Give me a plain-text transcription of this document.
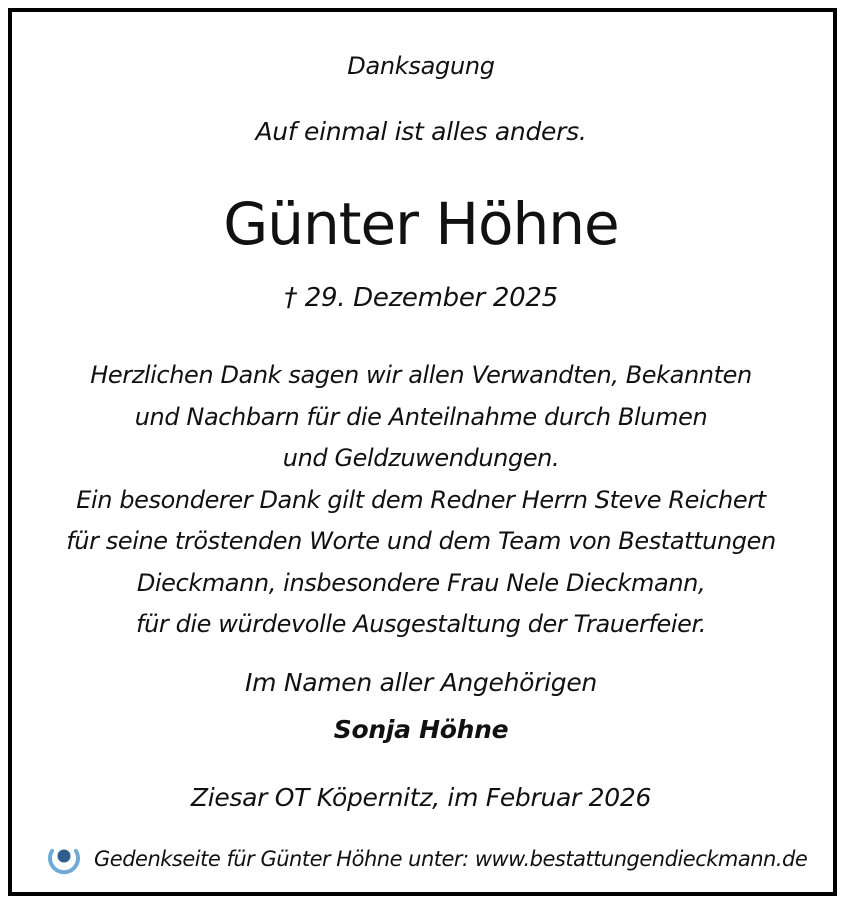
Danksagung
Auf einmal ist alles anders.
Günter Höhne
† 29. Dezember 2025
Herzlichen Dank sagen wir allen Verwandten, Bekannten
und Nachbarn für die Anteilnahme durch Blumen
und Geldzuwendungen.
Ein besonderer Dank gilt dem Redner Herrn Steve Reichert
für seine tröstenden Worte und dem Team von Bestattungen
Dieckmann, insbesondere Frau Nele Dieckmann,
für die würdevolle Ausgestaltung der Trauerfeier.
Im Namen aller Angehörigen
Sonja Höhne
Ziesar OT Köpernitz, im Februar 2026
Gedenkseite für Günter Höhne unter: www.bestattungendieckmann.de
